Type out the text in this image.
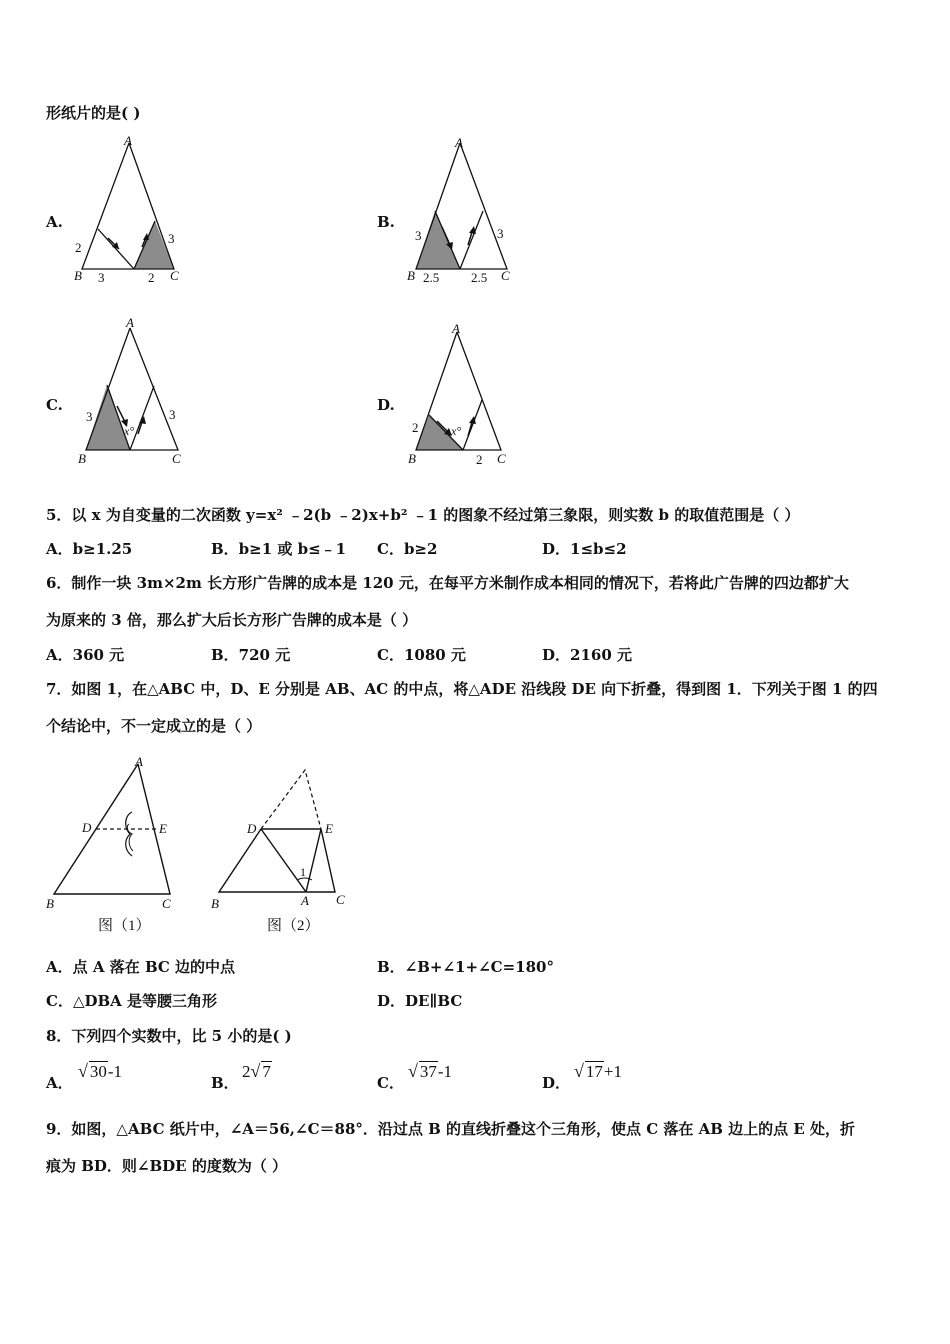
形纸片的是( )
A.
A
B	C
2
3	2
3
B.
A
B	C
3
2.5 2.5
3
C.
A
B	C
3	3
x°
D.
A
B	C
2
2
x°
5．以 x 为自变量的二次函数 y=x² ﹣2(b ﹣2)x+b² ﹣1 的图象不经过第三象限，则实数 b 的取值范围是（ ）
A．b≥1.25	B．b≥1 或 b≤﹣1 C．b≥2	D．1≤b≤2
6．制作一块 3m×2m 长方形广告牌的成本是 120 元，在每平方米制作成本相同的情况下，若将此广告牌的四边都扩大
为原来的 3 倍，那么扩大后长方形广告牌的成本是（ ）
A．360 元	B．720 元	C．1080 元	D．2160 元
7．如图 1，在△ABC 中，D、E 分别是 AB、AC 的中点，将△ADE 沿线段 DE 向下折叠，得到图 1．下列关于图 1 的四
个结论中，不一定成立的是（ ）
A
D	E
B	C
图（1）
D	E
B	A C
1
图（2）
A．点 A 落在 BC 边的中点	B．∠B+∠1+∠C=180°
C．△DBA 是等腰三角形	D．DE∥BC
8．下列四个实数中，比 5 小的是( )
A．
√ 30-1
B．
2√ 7
C．
√ 37-1
D．
√ 17+1
9．如图，△ABC 纸片中，∠A＝56,∠C＝88°．沿过点 B 的直线折叠这个三角形，使点 C 落在 AB 边上的点 E 处，折
痕为 BD．则∠BDE 的度数为（ ）
